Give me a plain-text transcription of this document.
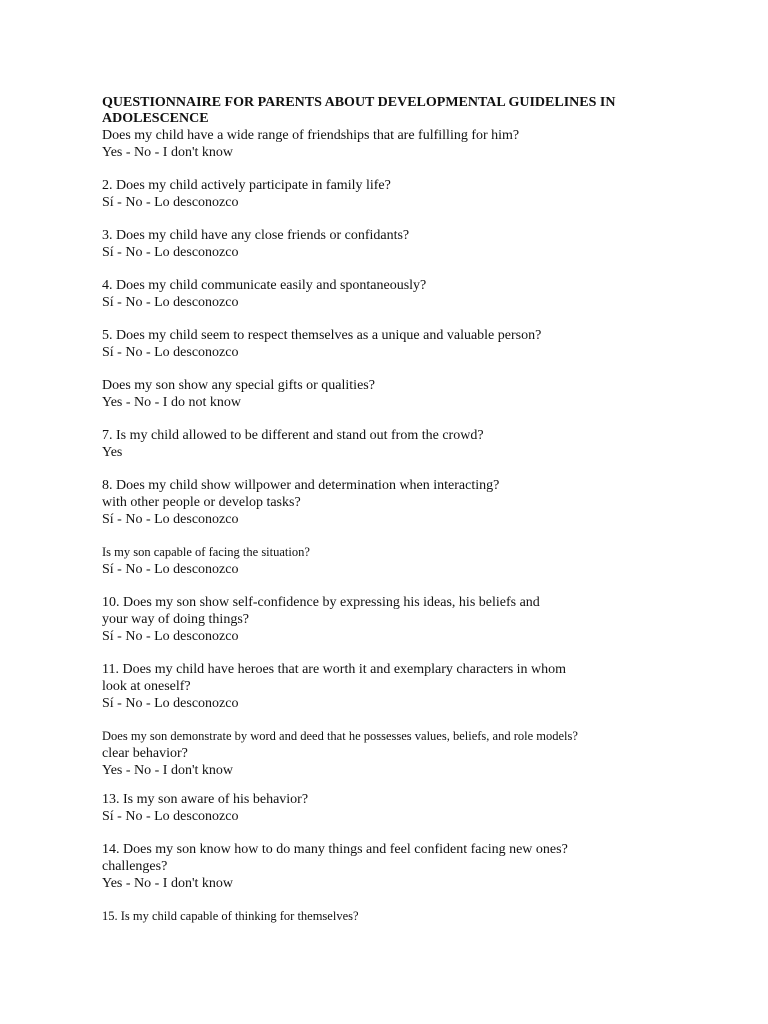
QUESTIONNAIRE FOR PARENTS ABOUT DEVELOPMENTAL GUIDELINES IN ADOLESCENCE

Does my child have a wide range of friendships that are fulfilling for him?
Yes - No - I don't know
2. Does my child actively participate in family life?
Sí - No - Lo desconozco
3. Does my child have any close friends or confidants?
Sí - No - Lo desconozco
4. Does my child communicate easily and spontaneously?
Sí - No - Lo desconozco
5. Does my child seem to respect themselves as a unique and valuable person?
Sí - No - Lo desconozco
Does my son show any special gifts or qualities?
Yes - No - I do not know
7. Is my child allowed to be different and stand out from the crowd?
Yes
8. Does my child show willpower and determination when interacting?
with other people or develop tasks?
Sí - No - Lo desconozco
Is my son capable of facing the situation?
Sí - No - Lo desconozco
10. Does my son show self-confidence by expressing his ideas, his beliefs and
your way of doing things?
Sí - No - Lo desconozco
11. Does my child have heroes that are worth it and exemplary characters in whom
look at oneself?
Sí - No - Lo desconozco
Does my son demonstrate by word and deed that he possesses values, beliefs, and role models?
clear behavior?
Yes - No - I don't know
13. Is my son aware of his behavior?
Sí - No - Lo desconozco
14. Does my son know how to do many things and feel confident facing new ones?
challenges?
Yes - No - I don't know
15. Is my child capable of thinking for themselves?
